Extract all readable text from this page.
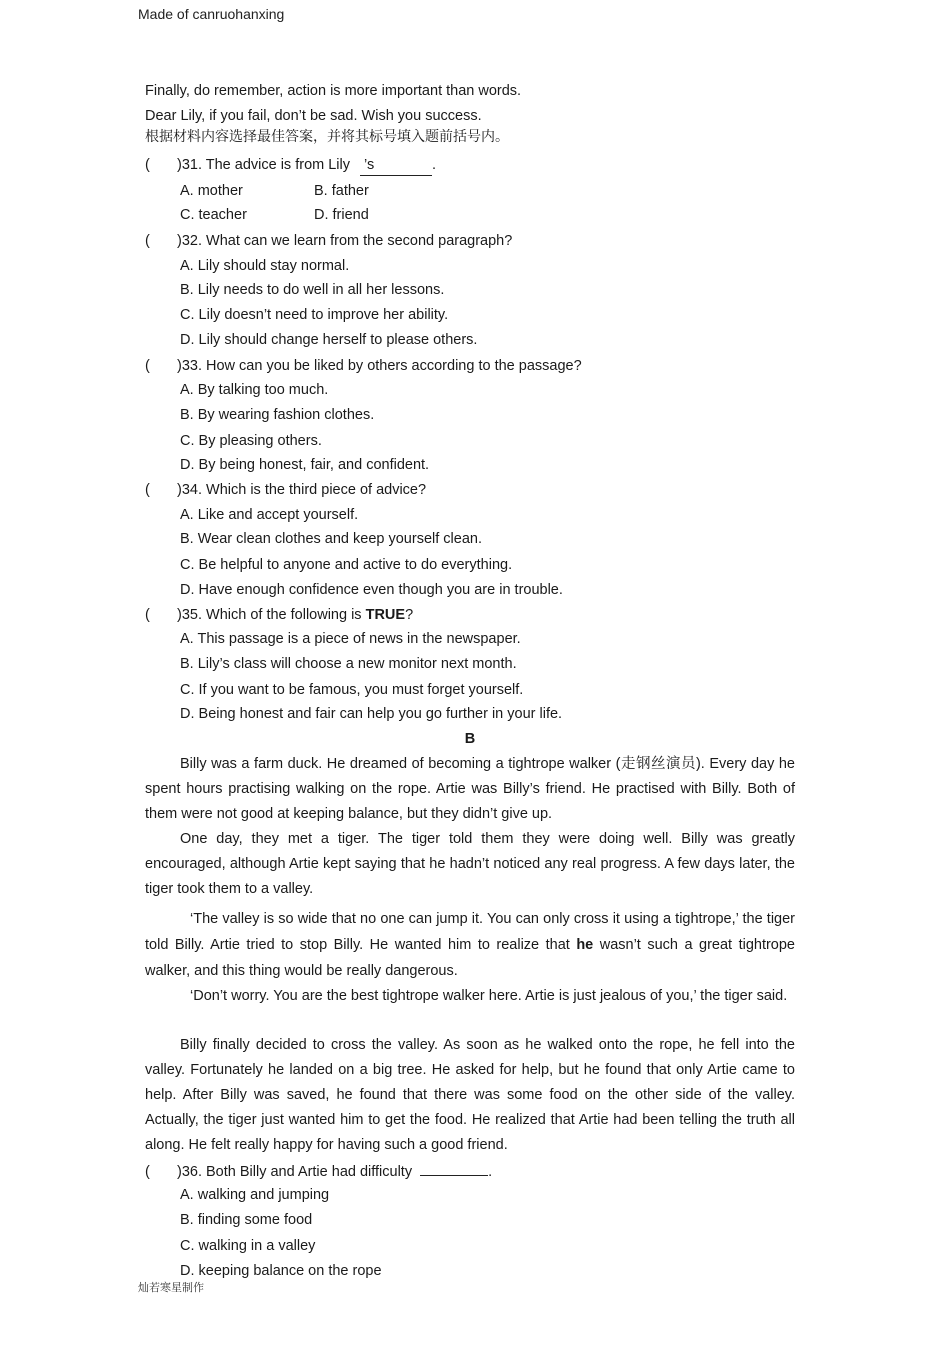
Made of canruohanxing
Finally, do remember, action is more important than words.
Dear Lily, if you fail, don’t be sad. Wish you success.
根据材料内容选择最佳答案，并将其标号填入题前括号内。
( )31. The advice is from Lily ’s	.
A. mother	B. father
C. teacher	D. friend
( )32. What can we learn from the second paragraph?
A. Lily should stay normal.
B. Lily needs to do well in all her lessons.
C. Lily doesn’t need to improve her ability.
D. Lily should change herself to please others.
( )33. How can you be liked by others according to the passage?
A. By talking too much.
B. By wearing fashion clothes.
C. By pleasing others.
D. By being honest, fair, and confident.
( )34. Which is the third piece of advice?
A. Like and accept yourself.
B. Wear clean clothes and keep yourself clean.
C. Be helpful to anyone and active to do everything.
D. Have enough confidence even though you are in trouble.
( )35. Which of the following is TRUE?
A. This passage is a piece of news in the newspaper.
B. Lily’s class will choose a new monitor next month.
C. If you want to be famous, you must forget yourself.
D. Being honest and fair can help you go further in your life.
B
Billy was a farm duck. He dreamed of becoming a tightrope walker (走钢丝演员). Every day he spent hours practising walking on the rope. Artie was Billy’s friend. He practised with Billy. Both of them were not good at keeping balance, but they didn’t give up.
One day, they met a tiger. The tiger told them they were doing well. Billy was greatly encouraged, although Artie kept saying that he hadn’t noticed any real progress. A few days later, the tiger took them to a valley.
‘The valley is so wide that no one can jump it. You can only cross it using a tightrope,’ the tiger told Billy. Artie tried to stop Billy. He wanted him to realize that he wasn’t such a great tightrope walker, and this thing would be really dangerous.
‘Don’t worry. You are the best tightrope walker here. Artie is just jealous of you,’ the tiger said.
Billy finally decided to cross the valley. As soon as he walked onto the rope, he fell into the valley. Fortunately he landed on a big tree. He asked for help, but he found that only Artie came to help. After Billy was saved, he found that there was some food on the other side of the valley. Actually, the tiger just wanted him to get the food. He realized that Artie had been telling the truth all along. He felt really happy for having such a good friend.
( )36. Both Billy and Artie had difficulty	.
A. walking and jumping
B. finding some food
C. walking in a valley
D. keeping balance on the rope
灿若寒星制作
